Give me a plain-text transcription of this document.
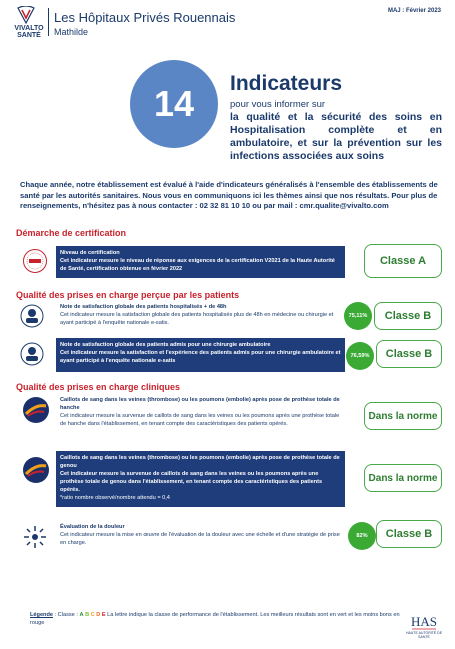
VIVALTO
SANTÉ
Les Hôpitaux Privés Rouennais
Mathilde
MAJ : Février 2023
14	Indicateurs
pour vous informer sur
la qualité et la sécurité des soins en Hospitalisation complète et en ambulatoire, et sur la prévention sur les infections associées aux soins
Chaque année, notre établissement est évalué à l'aide d'indicateurs généralisés à l'ensemble des établissements de santé par les autorités sanitaires. Nous vous en communiquons ici les thèmes ainsi que nos résultats. Pour plus de renseignements, n'hésitez pas à nous contacter : 02 32 81 10 10 ou par mail : cmr.qualite@vivalto.com
Démarche de certification
Niveau de certification
Cet indicateur mesure le niveau de réponse aux exigences de la certification V2021 de la Haute Autorité de Santé, certification obtenue en février 2022
Classe A
Qualité des prises en charge perçue par les patients
Note de satisfaction globale des patients hospitalisés + de 48h
Cet indicateur mesure la satisfaction globale des patients hospitalisés plus de 48h en médecine ou chirurgie et ayant participé à l'enquête nationale e-satis.
75,11%	Classe B
Note de satisfaction globale des patients admis pour une chirurgie ambulatoire
Cet indicateur mesure la satisfaction et l'expérience des patients admis pour une chirurgie ambulatoire et ayant participé à l'enquête nationale e-satis
76,59%	Classe B
Qualité des prises en charge cliniques
Caillots de sang dans les veines (thrombose) ou les poumons (embolie) après pose de prothèse totale de hanche
Cet indicateur mesure la survenue de caillots de sang dans les veines ou les poumons après une prothèse totale de hanche dans l'établissement, en tenant compte des caractéristiques des patients opérés.
Dans la norme
Caillots de sang dans les veines (thrombose) ou les poumons (embolie) après pose de prothèse totale de genou
Cet indicateur mesure la survenue de caillots de sang dans les veines ou les poumons après une prothèse totale de genou dans l'établissement, en tenant compte des caractéristiques des patients opérés.
*ratio nombre observé/nombre attendu = 0,4
Dans la norme
Évaluation de la douleur
Cet indicateur mesure la mise en œuvre de l'évaluation de la douleur avec une échelle et d'une stratégie de prise en charge.
82%	Classe B
Légende : Classe : A B C D E La lettre indique la classe de performance de l'établissement. Les meilleurs résultats sont en vert et les moins bons en rouge	HAS
HAUTE AUTORITÉ DE SANTÉ
